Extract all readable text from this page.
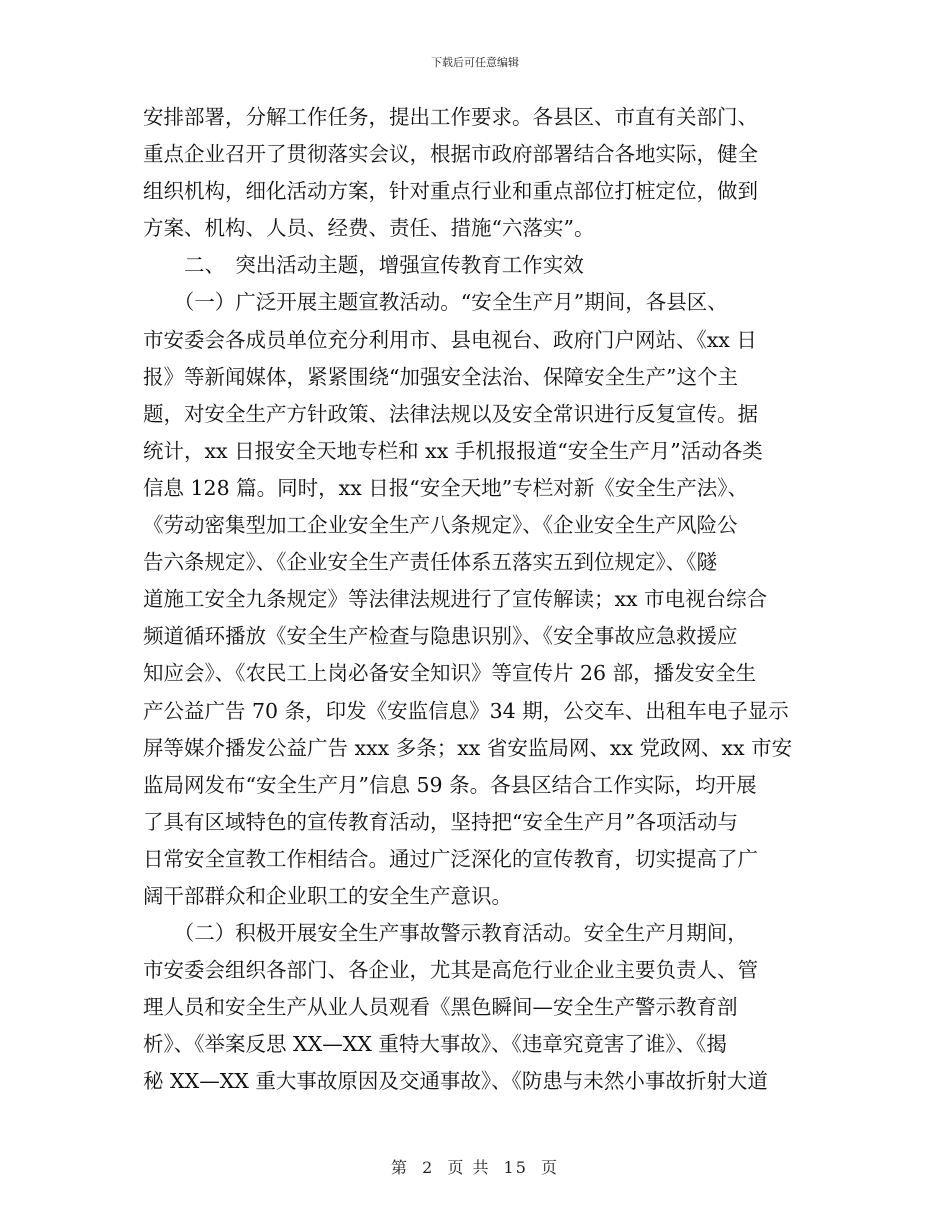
下载后可任意编辑
安排部署，分解工作任务，提出工作要求。各县区、市直有关部门、
重点企业召开了贯彻落实会议，根据市政府部署结合各地实际，健全
组织机构，细化活动方案，针对重点行业和重点部位打桩定位，做到
方案、机构、人员、经费、责任、措施“六落实”。
　　二、　突出活动主题，增强宣传教育工作实效
　　（一）广泛开展主题宣教活动。“安全生产月”期间，各县区、
市安委会各成员单位充分利用市、县电视台、政府门户网站、《xx 日
报》等新闻媒体，紧紧围绕“加强安全法治、保障安全生产”这个主
题，对安全生产方针政策、法律法规以及安全常识进行反复宣传。据
统计，xx 日报安全天地专栏和 xx 手机报报道“安全生产月”活动各类
信息 128 篇。同时，xx 日报“安全天地”专栏对新《安全生产法》、
《劳动密集型加工企业安全生产八条规定》、《企业安全生产风险公
告六条规定》、《企业安全生产责任体系五落实五到位规定》、《隧
道施工安全九条规定》等法律法规进行了宣传解读；xx 市电视台综合
频道循环播放《安全生产检查与隐患识别》、《安全事故应急救援应
知应会》、《农民工上岗必备安全知识》等宣传片 26 部，播发安全生
产公益广告 70 条，印发《安监信息》34 期，公交车、出租车电子显示
屏等媒介播发公益广告 xxx 多条；xx 省安监局网、xx 党政网、xx 市安
监局网发布“安全生产月”信息 59 条。各县区结合工作实际，均开展
了具有区域特色的宣传教育活动，坚持把“安全生产月”各项活动与
日常安全宣教工作相结合。通过广泛深化的宣传教育，切实提高了广
阔干部群众和企业职工的安全生产意识。
　　（二）积极开展安全生产事故警示教育活动。安全生产月期间，
市安委会组织各部门、各企业，尤其是高危行业企业主要负责人、管
理人员和安全生产从业人员观看《黑色瞬间—安全生产警示教育剖
析》、《举案反思 XX—XX 重特大事故》、《违章究竟害了谁》、《揭
秘 XX—XX 重大事故原因及交通事故》、《防患与未然小事故折射大道
第 2 页 共 15 页
